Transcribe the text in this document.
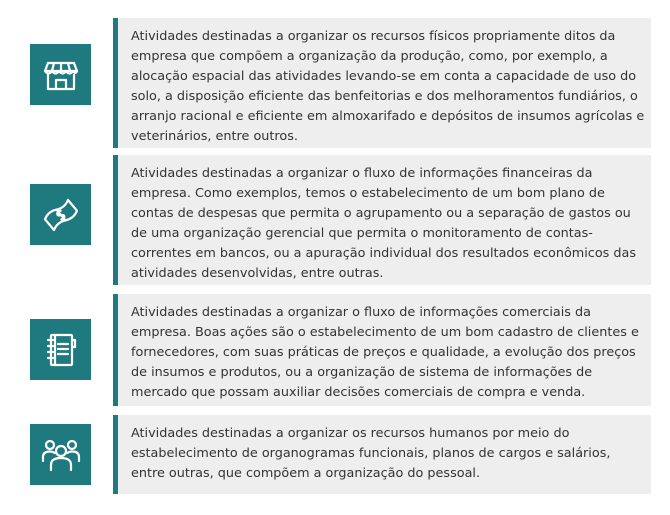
Atividades destinadas a organizar os recursos físicos propriamente ditos da empresa que compõem a organização da produção, como, por exemplo, a alocação espacial das atividades levando-se em conta a capacidade de uso do solo, a disposição eficiente das benfeitorias e dos melhoramentos fundiários, o arranjo racional e eficiente em almoxarifado e depósitos de insumos agrícolas e veterinários, entre outros.

Atividades destinadas a organizar o fluxo de informações financeiras da empresa. Como exemplos, temos o estabelecimento de um bom plano de contas de despesas que permita o agrupamento ou a separação de gastos ou de uma organização gerencial que permita o monitoramento de contas-correntes em bancos, ou a apuração individual dos resultados econômicos das atividades desenvolvidas, entre outras.

Atividades destinadas a organizar o fluxo de informações comerciais da empresa. Boas ações são o estabelecimento de um bom cadastro de clientes e fornecedores, com suas práticas de preços e qualidade, a evolução dos preços de insumos e produtos, ou a organização de sistema de informações de mercado que possam auxiliar decisões comerciais de compra e venda.

Atividades destinadas a organizar os recursos humanos por meio do estabelecimento de organogramas funcionais, planos de cargos e salários, entre outras, que compõem a organização do pessoal.
